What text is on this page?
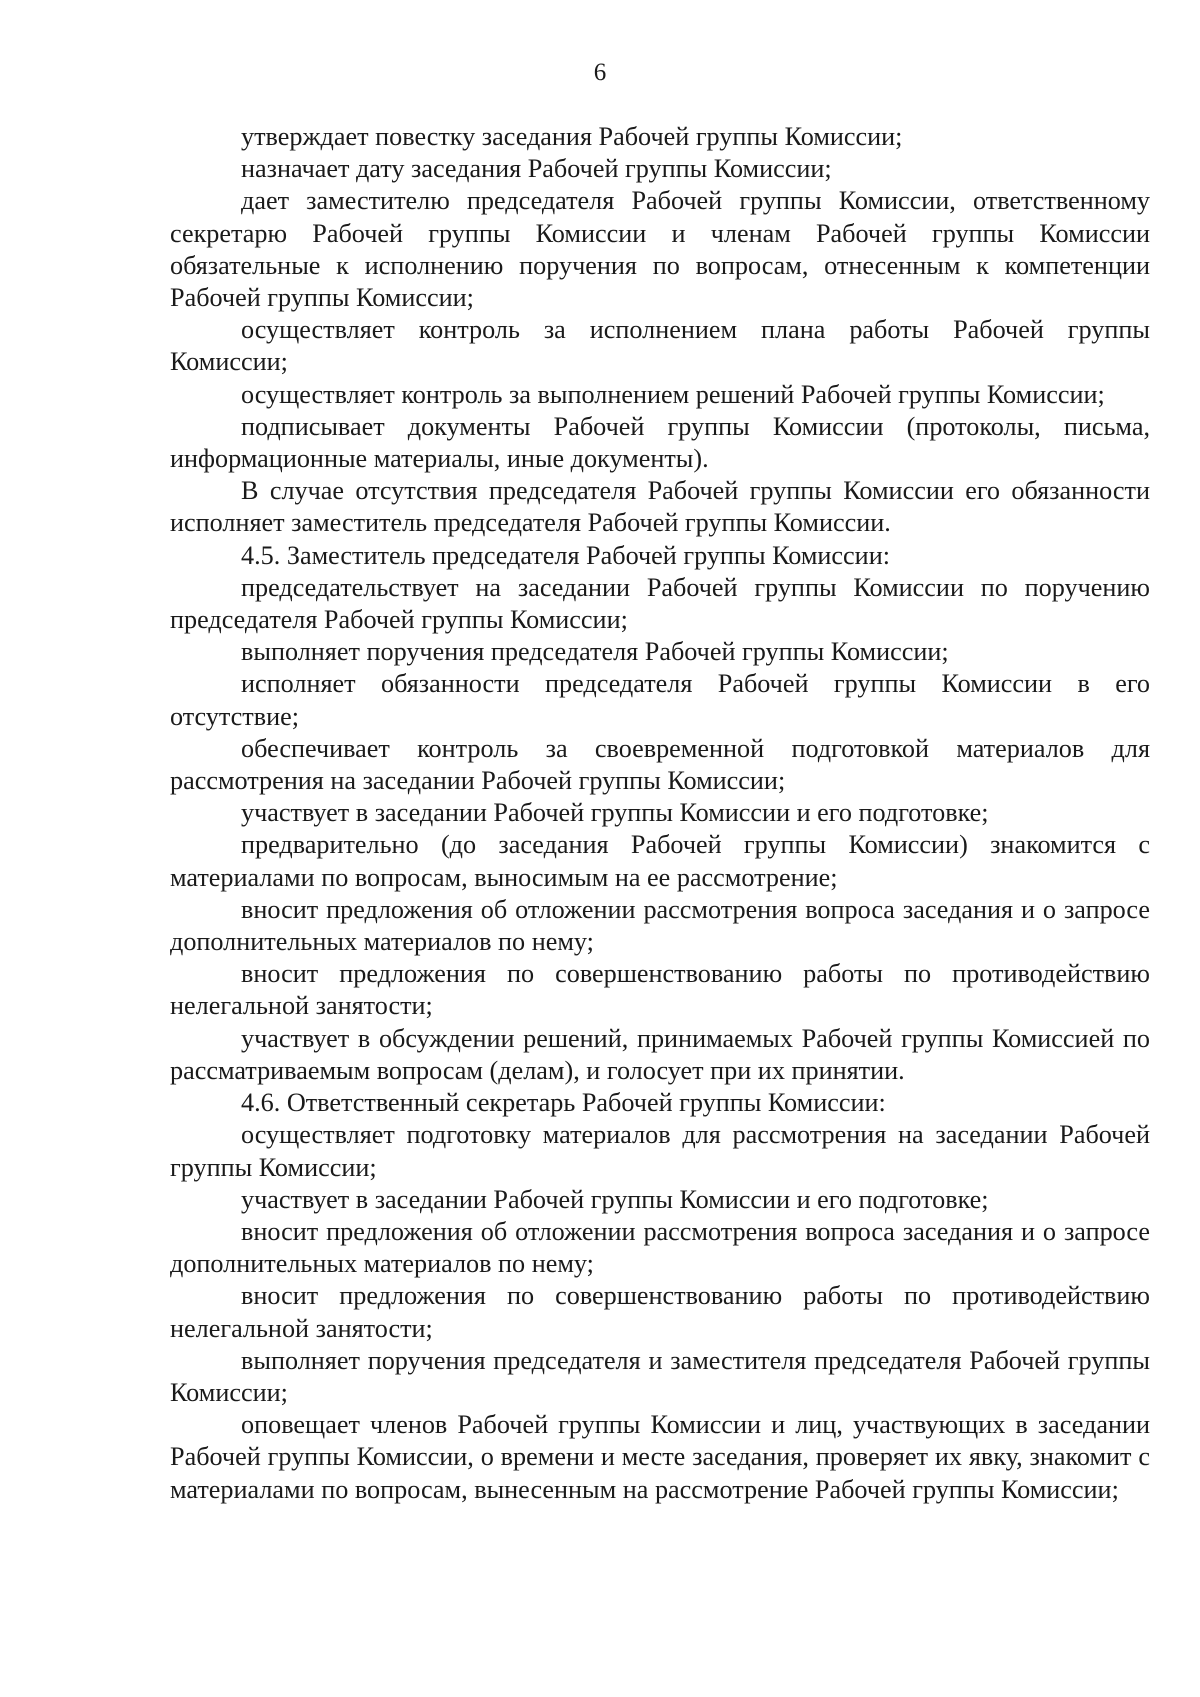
6

утверждает повестку заседания Рабочей группы Комиссии;

назначает дату заседания Рабочей группы Комиссии;

дает заместителю председателя Рабочей группы Комиссии, ответственному секретарю Рабочей группы Комиссии и членам Рабочей группы Комиссии обязательные к исполнению поручения по вопросам, отнесенным к компетенции Рабочей группы Комиссии;

осуществляет контроль за исполнением плана работы Рабочей группы Комиссии;

осуществляет контроль за выполнением решений Рабочей группы Комиссии;

подписывает документы Рабочей группы Комиссии (протоколы, письма, информационные материалы, иные документы).

В случае отсутствия председателя Рабочей группы Комиссии его обязанности исполняет заместитель председателя Рабочей группы Комиссии.

4.5. Заместитель председателя Рабочей группы Комиссии:

председательствует на заседании Рабочей группы Комиссии по поручению председателя Рабочей группы Комиссии;

выполняет поручения председателя Рабочей группы Комиссии;

исполняет обязанности председателя Рабочей группы Комиссии в его отсутствие;

обеспечивает контроль за своевременной подготовкой материалов для рассмотрения на заседании Рабочей группы Комиссии;

участвует в заседании Рабочей группы Комиссии и его подготовке;

предварительно (до заседания Рабочей группы Комиссии) знакомится с материалами по вопросам, выносимым на ее рассмотрение;

вносит предложения об отложении рассмотрения вопроса заседания и о запросе дополнительных материалов по нему;

вносит предложения по совершенствованию работы по противодействию нелегальной занятости;

участвует в обсуждении решений, принимаемых Рабочей группы Комиссией по рассматриваемым вопросам (делам), и голосует при их принятии.

4.6. Ответственный секретарь Рабочей группы Комиссии:

осуществляет подготовку материалов для рассмотрения на заседании Рабочей группы Комиссии;

участвует в заседании Рабочей группы Комиссии и его подготовке;

вносит предложения об отложении рассмотрения вопроса заседания и о запросе дополнительных материалов по нему;

вносит предложения по совершенствованию работы по противодействию нелегальной занятости;

выполняет поручения председателя и заместителя председателя Рабочей группы Комиссии;

оповещает членов Рабочей группы Комиссии и лиц, участвующих в заседании Рабочей группы Комиссии, о времени и месте заседания, проверяет их явку, знакомит с материалами по вопросам, вынесенным на рассмотрение Рабочей группы Комиссии;
